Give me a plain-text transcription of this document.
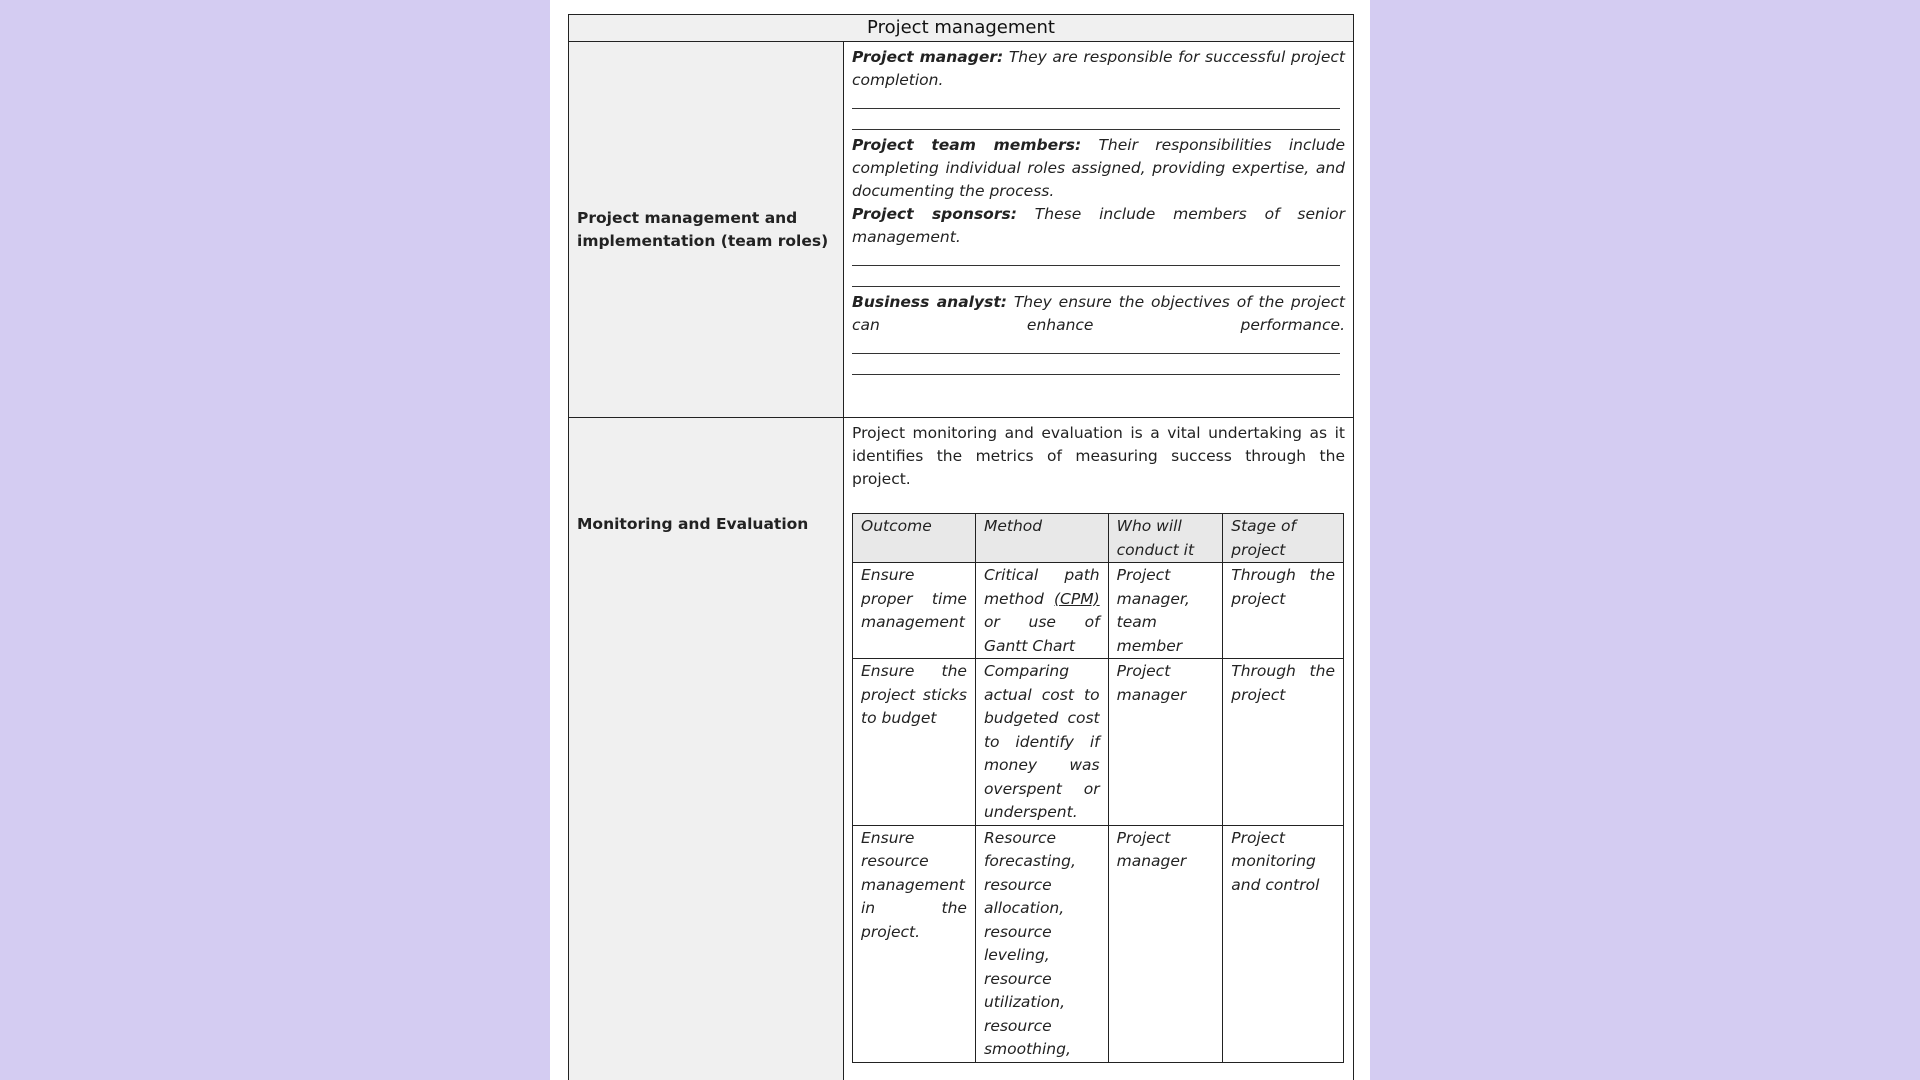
Project management
Project management and implementation (team roles)

Project manager: They are responsible for successful project completion.

Project team members: Their responsibilities include completing individual roles assigned, providing expertise, and documenting the process.

Project sponsors: These include members of senior management.

Business analyst: They ensure the objectives of the project can enhance performance.

Monitoring and Evaluation

Project monitoring and evaluation is a vital undertaking as it identifies the metrics of measuring success through the project.

Outcome	Method	Who will conduct it	Stage of project
Ensure proper time management	Critical path method (CPM) or use of Gantt Chart	Project manager, team member	Through the project
Ensure the project sticks to budget	Comparing actual cost to budgeted cost to identify if money was overspent or underspent.	Project manager	Through the project
Ensure resource management in the project.	Resource forecasting, resource allocation, resource leveling, resource utilization, resource smoothing,	Project manager	Project monitoring and control
